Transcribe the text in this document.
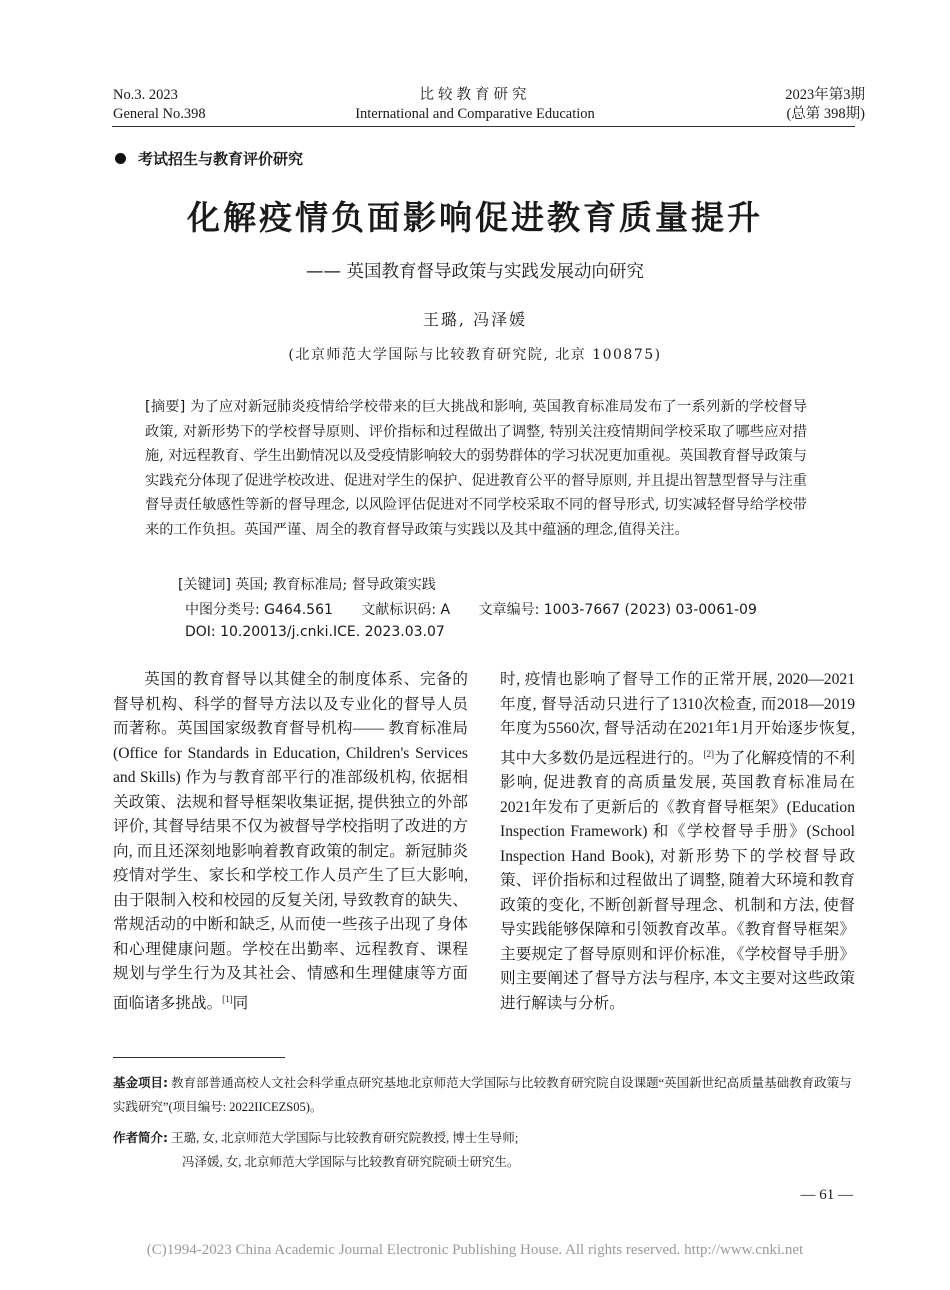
No.3. 2023
General No.398
比较教育研究
International and Comparative Education
2023年第3期
(总第 398期)
考试招生与教育评价研究
化解疫情负面影响促进教育质量提升
—— 英国教育督导政策与实践发展动向研究
王璐, 冯泽媛
(北京师范大学国际与比较教育研究院, 北京 100875)
[摘要] 为了应对新冠肺炎疫情给学校带来的巨大挑战和影响, 英国教育标准局发布了一系列新的学校督导政策, 对新形势下的学校督导原则、评价指标和过程做出了调整, 特别关注疫情期间学校采取了哪些应对措施, 对远程教育、学生出勤情况以及受疫情影响较大的弱势群体的学习状况更加重视。英国教育督导政策与实践充分体现了促进学校改进、促进对学生的保护、促进教育公平的督导原则, 并且提出智慧型督导与注重督导责任敏感性等新的督导理念, 以风险评估促进对不同学校采取不同的督导形式, 切实减轻督导给学校带来的工作负担。英国严谨、周全的教育督导政策与实践以及其中蕴涵的理念,值得关注。
[关键词] 英国; 教育标准局; 督导政策实践
中图分类号: G464.561 文献标识码: A 文章编号: 1003-7667 (2023) 03-0061-09
DOI: 10.20013/j.cnki.ICE. 2023.03.07
英国的教育督导以其健全的制度体系、完备的督导机构、科学的督导方法以及专业化的督导人员而著称。英国国家级教育督导机构—— 教育标准局 (Office for Standards in Education, Children's Services and Skills) 作为与教育部平行的准部级机构, 依据相关政策、法规和督导框架收集证据, 提供独立的外部评价, 其督导结果不仅为被督导学校指明了改进的方向, 而且还深刻地影响着教育政策的制定。新冠肺炎疫情对学生、家长和学校工作人员产生了巨大影响, 由于限制入校和校园的反复关闭, 导致教育的缺失、常规活动的中断和缺乏, 从而使一些孩子出现了身体和心理健康问题。学校在出勤率、远程教育、课程规划与学生行为及其社会、情感和生理健康等方面面临诸多挑战。[1]同
时, 疫情也影响了督导工作的正常开展, 2020—2021年度, 督导活动只进行了1310次检查, 而2018—2019年度为5560次, 督导活动在2021年1月开始逐步恢复, 其中大多数仍是远程进行的。[2]为了化解疫情的不利影响, 促进教育的高质量发展, 英国教育标准局在2021年发布了更新后的《教育督导框架》(Education Inspection Framework) 和《学校督导手册》(School Inspection Hand Book), 对新形势下的学校督导政策、评价指标和过程做出了调整, 随着大环境和教育政策的变化, 不断创新督导理念、机制和方法, 使督导实践能够保障和引领教育改革。《教育督导框架》主要规定了督导原则和评价标准, 《学校督导手册》则主要阐述了督导方法与程序, 本文主要对这些政策进行解读与分析。
基金项目: 教育部普通高校人文社会科学重点研究基地北京师范大学国际与比较教育研究院自设课题“英国新世纪高质量基础教育政策与实践研究”(项目编号: 2022IICEZS05)。
作者简介: 王璐, 女, 北京师范大学国际与比较教育研究院教授, 博士生导师;
冯泽媛, 女, 北京师范大学国际与比较教育研究院硕士研究生。
— 61 —
(C)1994-2023 China Academic Journal Electronic Publishing House. All rights reserved. http://www.cnki.net
